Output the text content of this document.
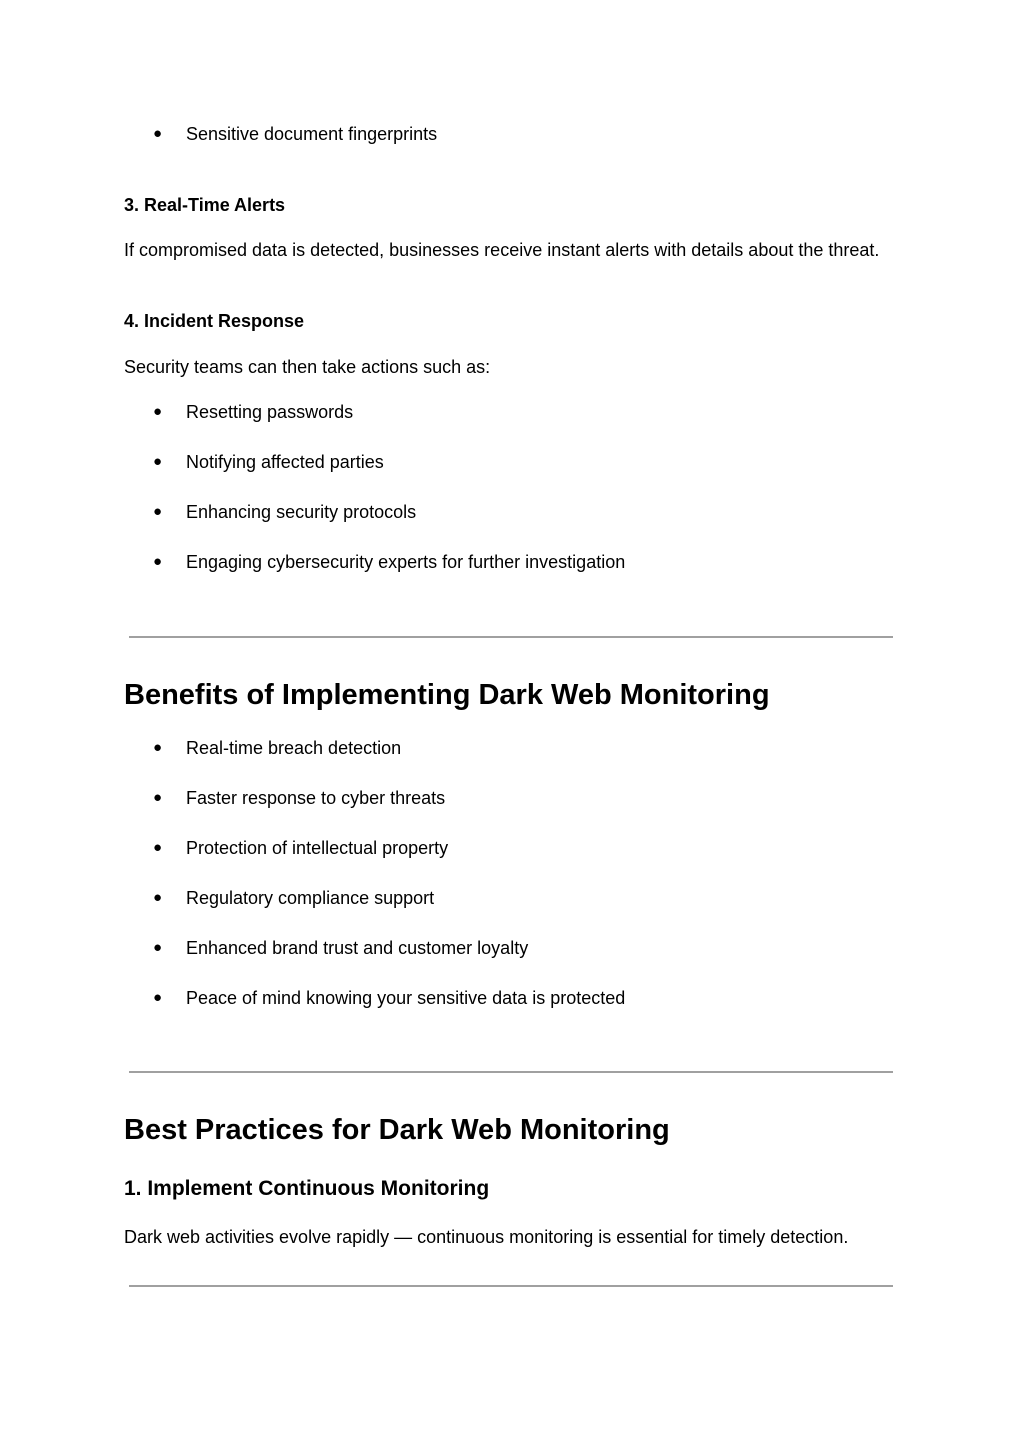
● Sensitive document fingerprints
3. Real-Time Alerts
If compromised data is detected, businesses receive instant alerts with details about the threat.
4. Incident Response
Security teams can then take actions such as:
● Resetting passwords
● Notifying affected parties
● Enhancing security protocols
● Engaging cybersecurity experts for further investigation
Benefits of Implementing Dark Web Monitoring
● Real-time breach detection
● Faster response to cyber threats
● Protection of intellectual property
● Regulatory compliance support
● Enhanced brand trust and customer loyalty
● Peace of mind knowing your sensitive data is protected
Best Practices for Dark Web Monitoring
1. Implement Continuous Monitoring
Dark web activities evolve rapidly — continuous monitoring is essential for timely detection.
